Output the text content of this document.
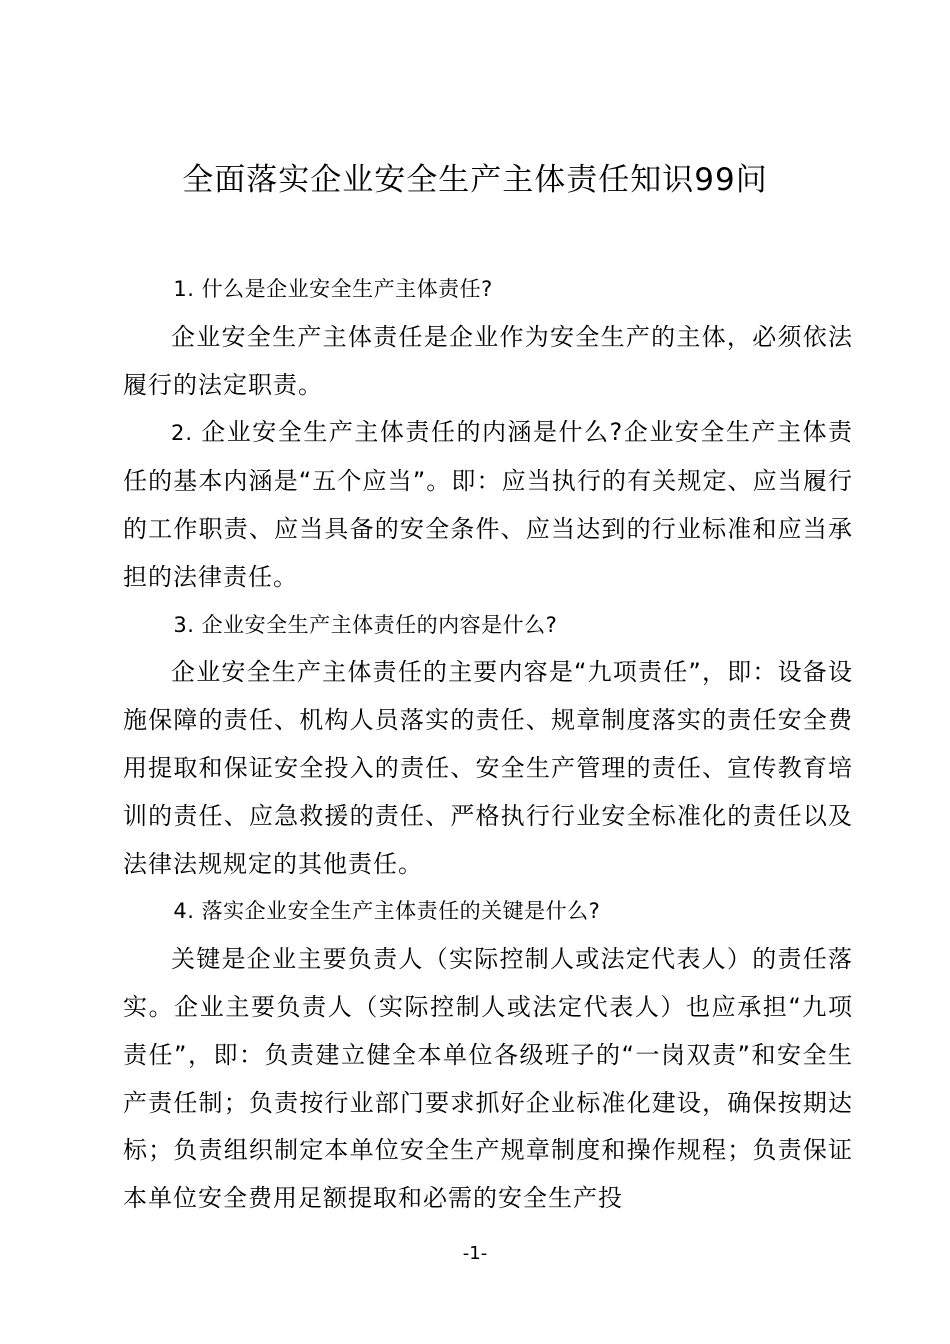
全面落实企业安全生产主体责任知识99问

1. 什么是企业安全生产主体责任?

企业安全生产主体责任是企业作为安全生产的主体，必须依法履行的法定职责。

2. 企业安全生产主体责任的内涵是什么?企业安全生产主体责任的基本内涵是“五个应当”。即：应当执行的有关规定、应当履行的工作职责、应当具备的安全条件、应当达到的行业标准和应当承担的法律责任。

3. 企业安全生产主体责任的内容是什么?

企业安全生产主体责任的主要内容是“九项责任”，即：设备设施保障的责任、机构人员落实的责任、规章制度落实的责任安全费用提取和保证安全投入的责任、安全生产管理的责任、宣传教育培训的责任、应急救援的责任、严格执行行业安全标准化的责任以及法律法规规定的其他责任。

4. 落实企业安全生产主体责任的关键是什么?

关键是企业主要负责人（实际控制人或法定代表人）的责任落实。企业主要负责人（实际控制人或法定代表人）也应承担“九项责任”，即：负责建立健全本单位各级班子的“一岗双责”和安全生产责任制；负责按行业部门要求抓好企业标准化建设，确保按期达标；负责组织制定本单位安全生产规章制度和操作规程；负责保证本单位安全费用足额提取和必需的安全生产投

-1-
